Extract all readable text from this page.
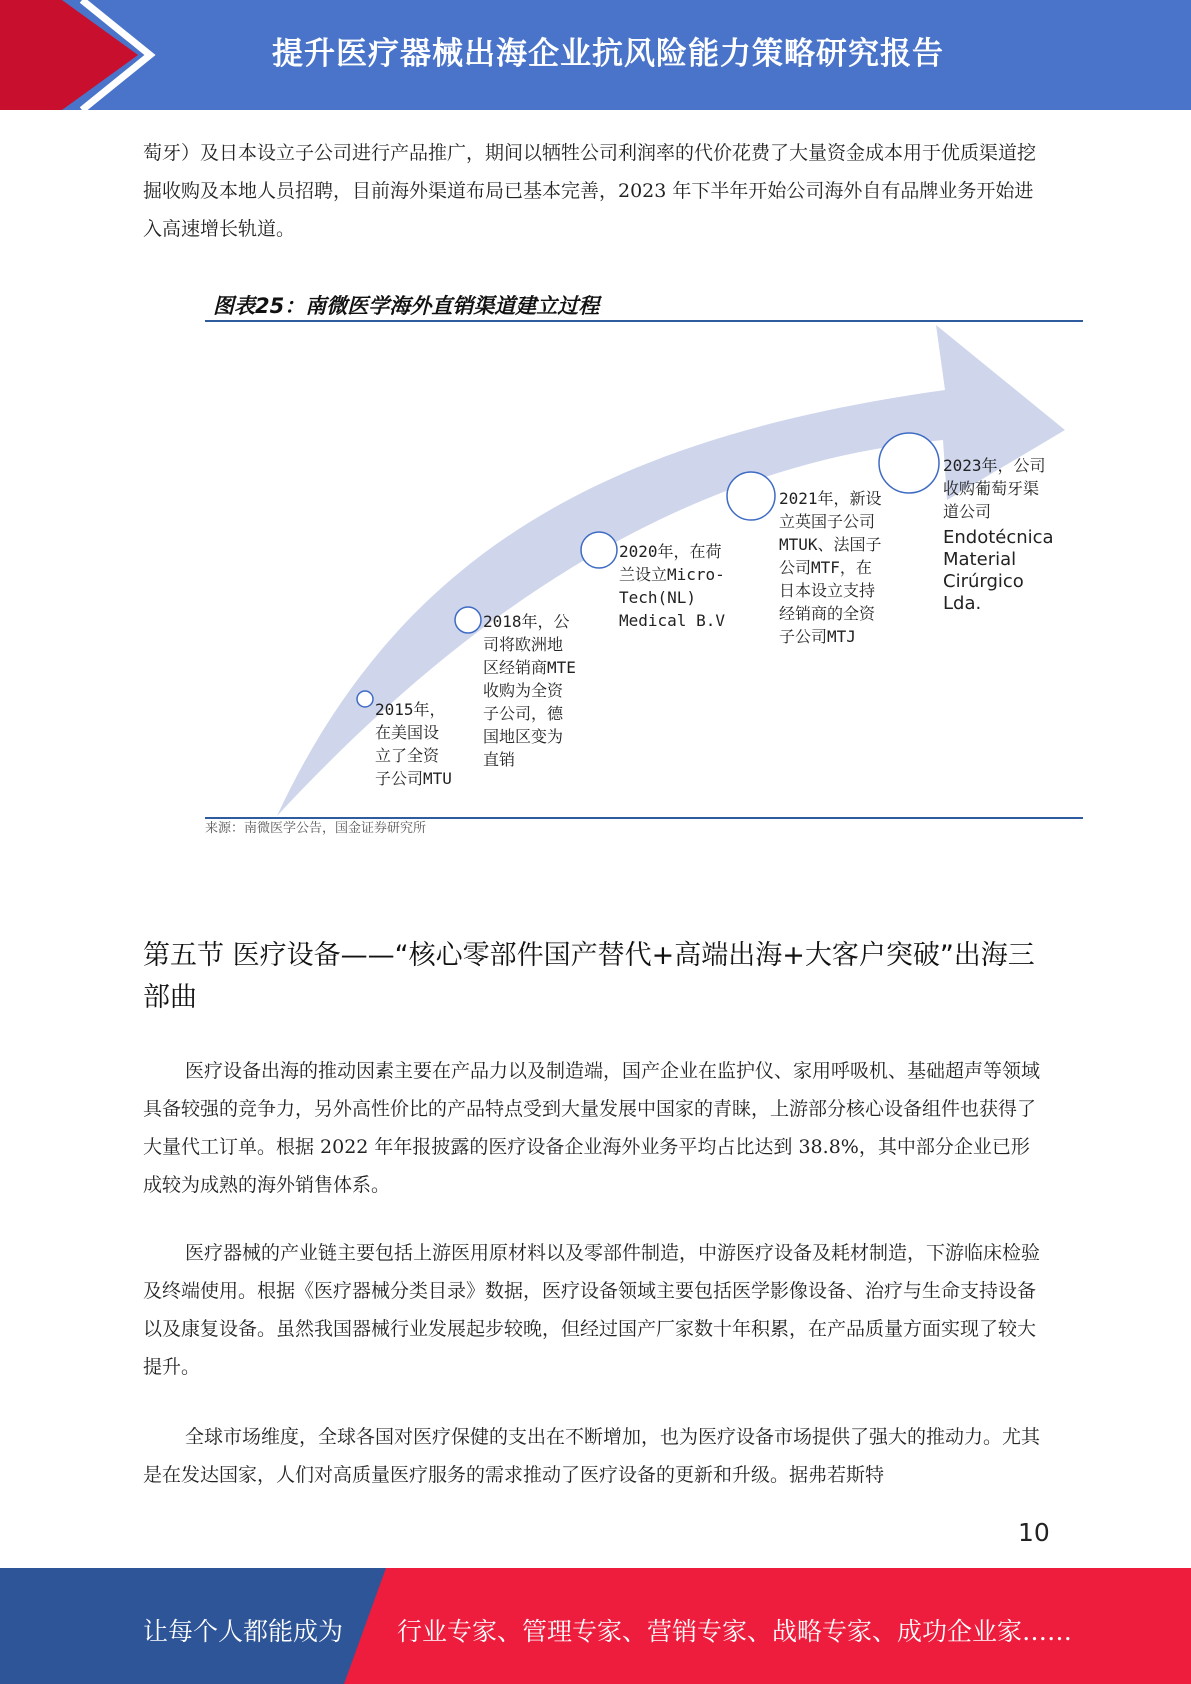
提升医疗器械出海企业抗风险能力策略研究报告
萄牙）及日本设立子公司进行产品推广，期间以牺牲公司利润率的代价花费了大量资金成本用于优质渠道挖掘收购及本地人员招聘，目前海外渠道布局已基本完善，2023 年下半年开始公司海外自有品牌业务开始进入高速增长轨道。
图表25：南微医学海外直销渠道建立过程
2015年，
在美国设
立了全资
子公司MTU
2018年，公
司将欧洲地
区经销商MTE
收购为全资
子公司，德
国地区变为
直销
2020年，在荷
兰设立Micro-
Tech(NL)
Medical B.V
2021年，新设
立英国子公司
MTUK、法国子
公司MTF，在
日本设立支持
经销商的全资
子公司MTJ
2023年，公司
收购葡萄牙渠
道公司
Endotécnica
Material
Cirúrgico
Lda.
来源：南微医学公告，国金证券研究所
第五节 医疗设备——“核心零部件国产替代+高端出海+大客户突破”出海三部曲
医疗设备出海的推动因素主要在产品力以及制造端，国产企业在监护仪、家用呼吸机、基础超声等领域具备较强的竞争力，另外高性价比的产品特点受到大量发展中国家的青睐，上游部分核心设备组件也获得了大量代工订单。根据 2022 年年报披露的医疗设备企业海外业务平均占比达到 38.8%，其中部分企业已形成较为成熟的海外销售体系。
医疗器械的产业链主要包括上游医用原材料以及零部件制造，中游医疗设备及耗材制造，下游临床检验及终端使用。根据《医疗器械分类目录》数据，医疗设备领域主要包括医学影像设备、治疗与生命支持设备以及康复设备。虽然我国器械行业发展起步较晚，但经过国产厂家数十年积累，在产品质量方面实现了较大提升。
全球市场维度，全球各国对医疗保健的支出在不断增加，也为医疗设备市场提供了强大的推动力。尤其是在发达国家，人们对高质量医疗服务的需求推动了医疗设备的更新和升级。据弗若斯特
10
让每个人都能成为 行业专家、管理专家、营销专家、战略专家、成功企业家……
